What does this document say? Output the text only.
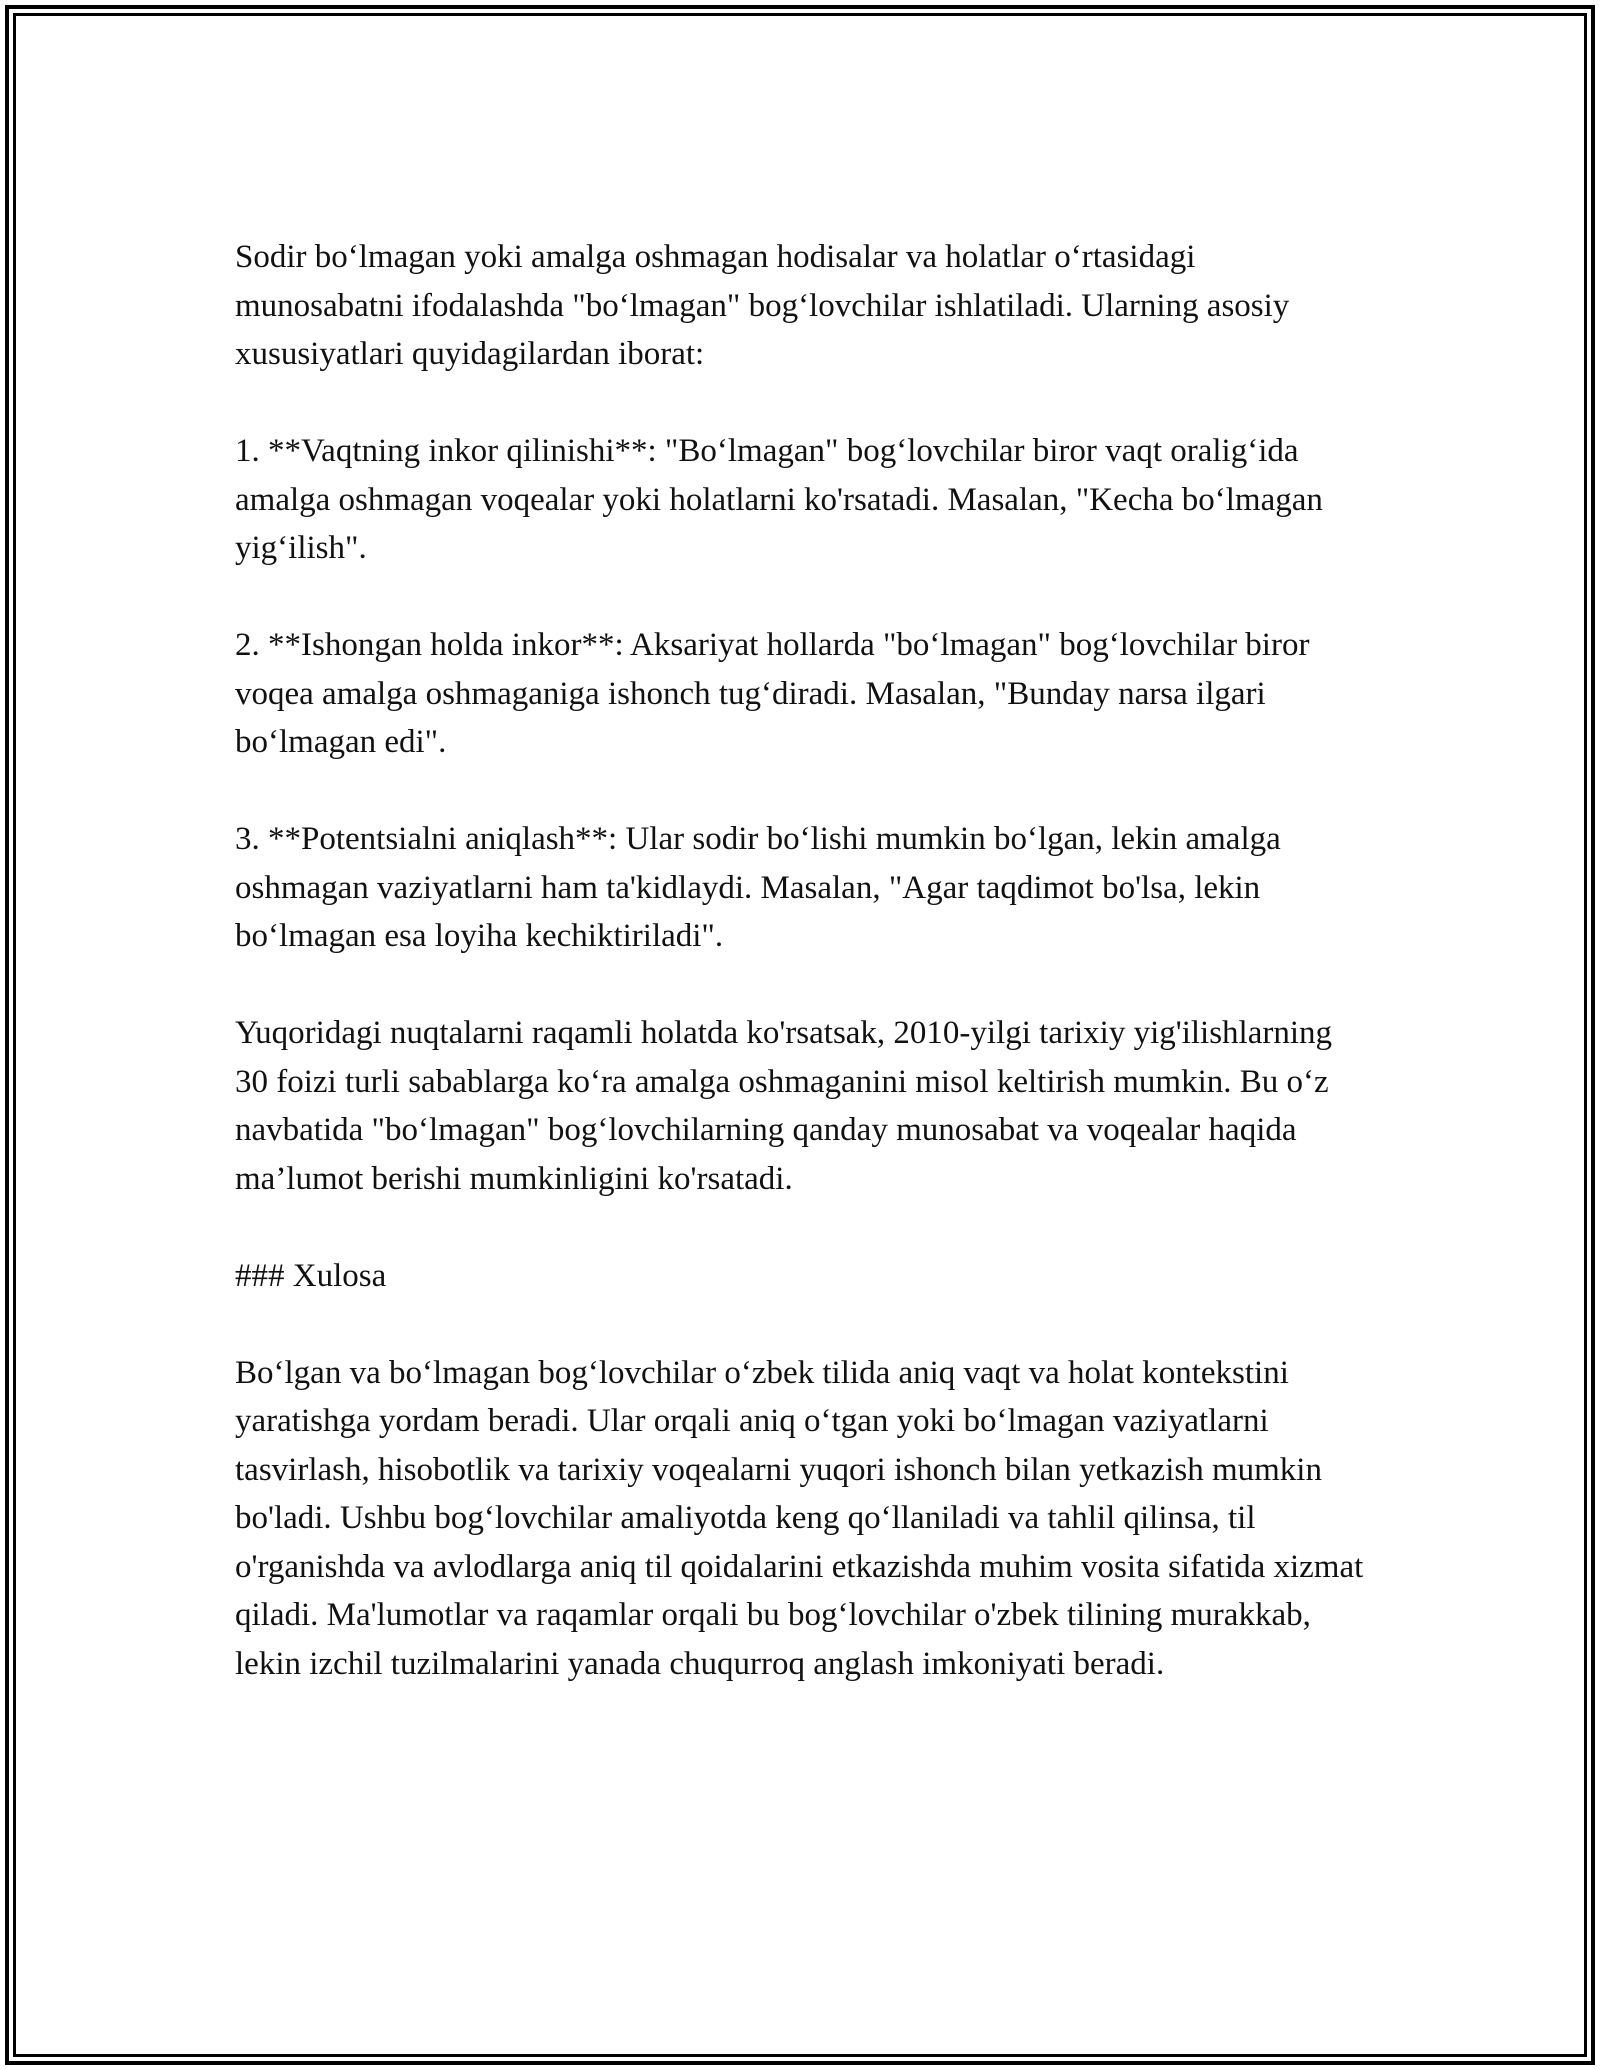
Sodir bo‘lmagan yoki amalga oshmagan hodisalar va holatlar o‘rtasidagi munosabatni ifodalashda "bo‘lmagan" bog‘lovchilar ishlatiladi. Ularning asosiy xususiyatlari quyidagilardan iborat:

1. **Vaqtning inkor qilinishi**: "Bo‘lmagan" bog‘lovchilar biror vaqt oralig‘ida amalga oshmagan voqealar yoki holatlarni ko'rsatadi. Masalan, "Kecha bo‘lmagan yig‘ilish".

2. **Ishongan holda inkor**: Aksariyat hollarda "bo‘lmagan" bog‘lovchilar biror voqea amalga oshmaganiga ishonch tug‘diradi. Masalan, "Bunday narsa ilgari bo‘lmagan edi".

3. **Potentsialni aniqlash**: Ular sodir bo‘lishi mumkin bo‘lgan, lekin amalga oshmagan vaziyatlarni ham ta'kidlaydi. Masalan, "Agar taqdimot bo'lsa, lekin bo‘lmagan esa loyiha kechiktiriladi".

Yuqoridagi nuqtalarni raqamli holatda ko'rsatsak, 2010-yilgi tarixiy yig'ilishlarning 30 foizi turli sabablarga ko‘ra amalga oshmaganini misol keltirish mumkin. Bu o‘z navbatida "bo‘lmagan" bog‘lovchilarning qanday munosabat va voqealar haqida ma’lumot berishi mumkinligini ko'rsatadi.

### Xulosa

Bo‘lgan va bo‘lmagan bog‘lovchilar o‘zbek tilida aniq vaqt va holat kontekstini yaratishga yordam beradi. Ular orqali aniq o‘tgan yoki bo‘lmagan vaziyatlarni tasvirlash, hisobotlik va tarixiy voqealarni yuqori ishonch bilan yetkazish mumkin bo'ladi. Ushbu bog‘lovchilar amaliyotda keng qo‘llaniladi va tahlil qilinsa, til o'rganishda va avlodlarga aniq til qoidalarini etkazishda muhim vosita sifatida xizmat qiladi. Ma'lumotlar va raqamlar orqali bu bog‘lovchilar o'zbek tilining murakkab, lekin izchil tuzilmalarini yanada chuqurroq anglash imkoniyati beradi.
